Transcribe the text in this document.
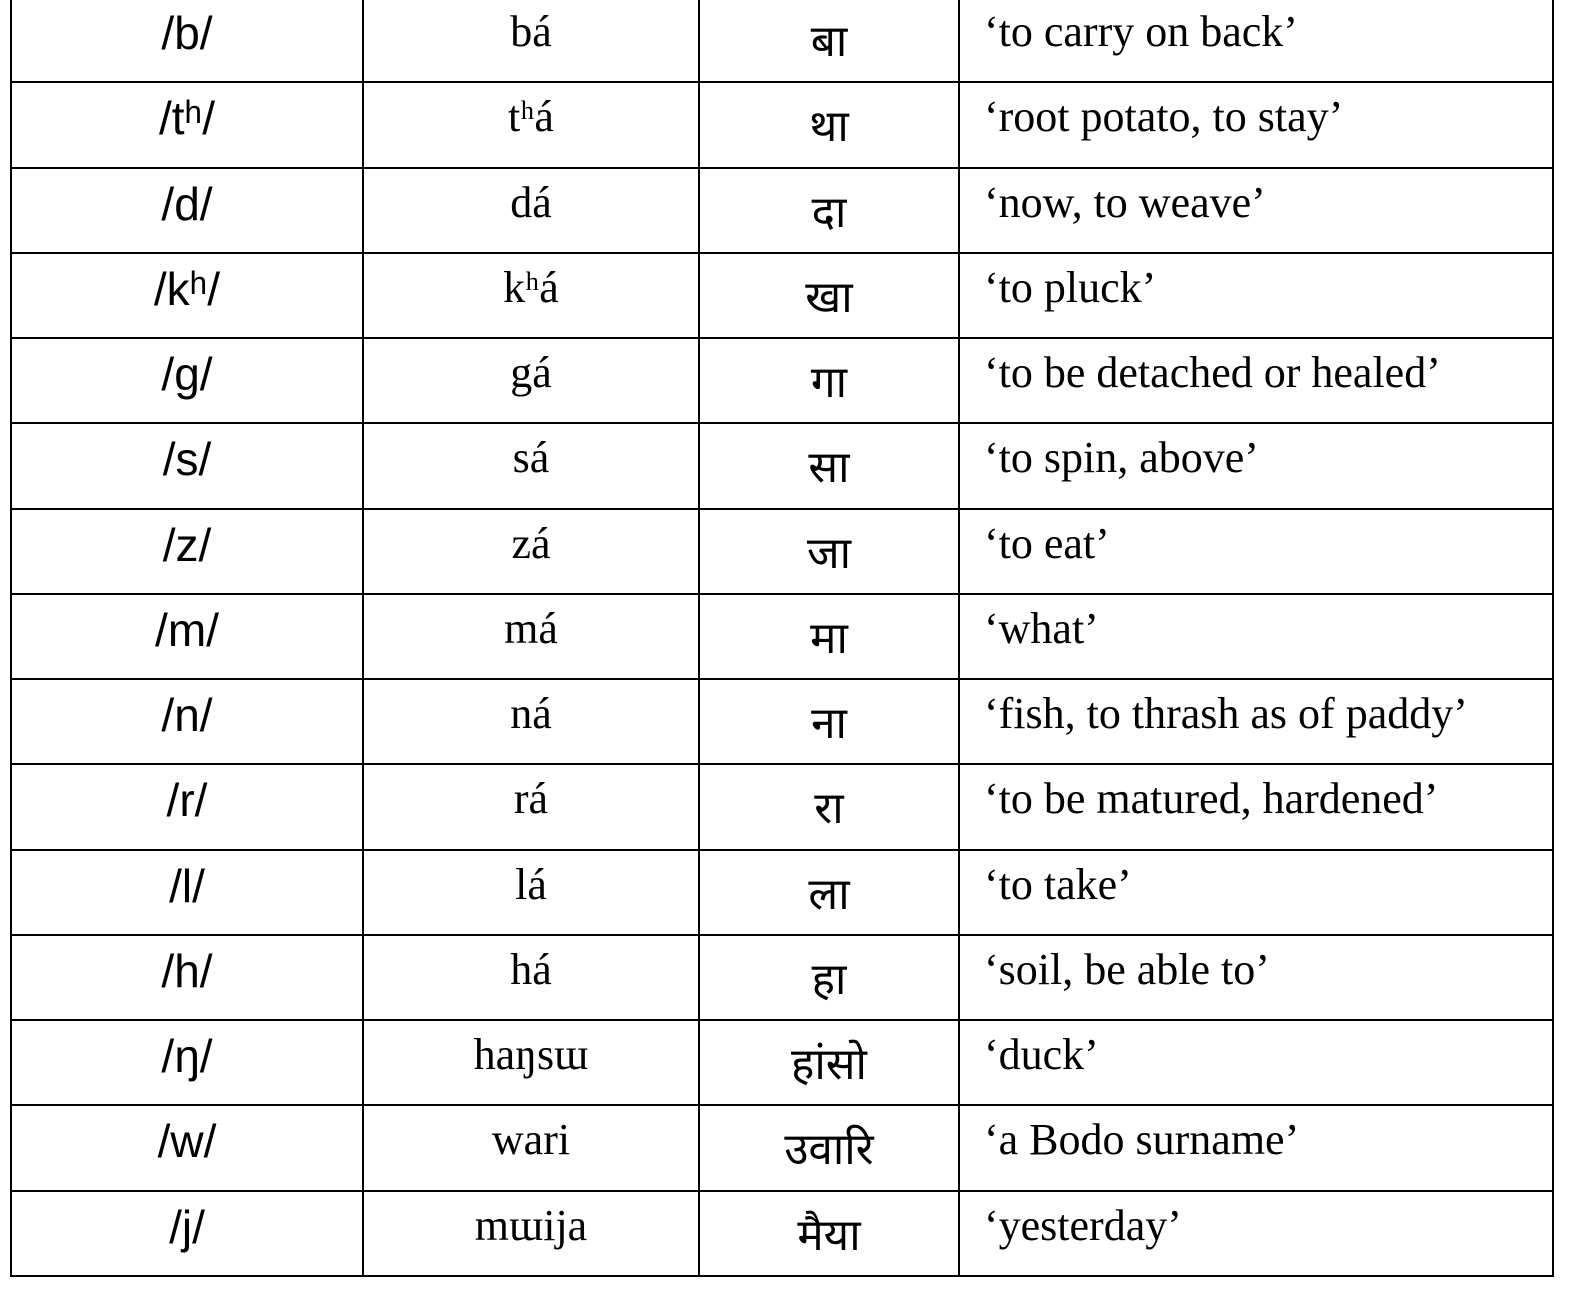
/b/	bá	बा	‘to carry on back’
/tʰ/	tʰá	था	‘root potato, to stay’
/d/	dá	दा	‘now, to weave’
/kʰ/	kʰá	खा	‘to pluck’
/g/	gá	गा	‘to be detached or healed’
/s/	sá	सा	‘to spin, above’
/z/	zá	जा	‘to eat’
/m/	má	मा	‘what’
/n/	ná	ना	‘fish, to thrash as of paddy’
/r/	rá	रा	‘to be matured, hardened’
/l/	lá	ला	‘to take’
/h/	há	हा	‘soil, be able to’
/ŋ/	haŋsɯ	हांसो	‘duck’
/w/	wari	उवारि	‘a Bodo surname’
/j/	mɯija	मैया	‘yesterday’
